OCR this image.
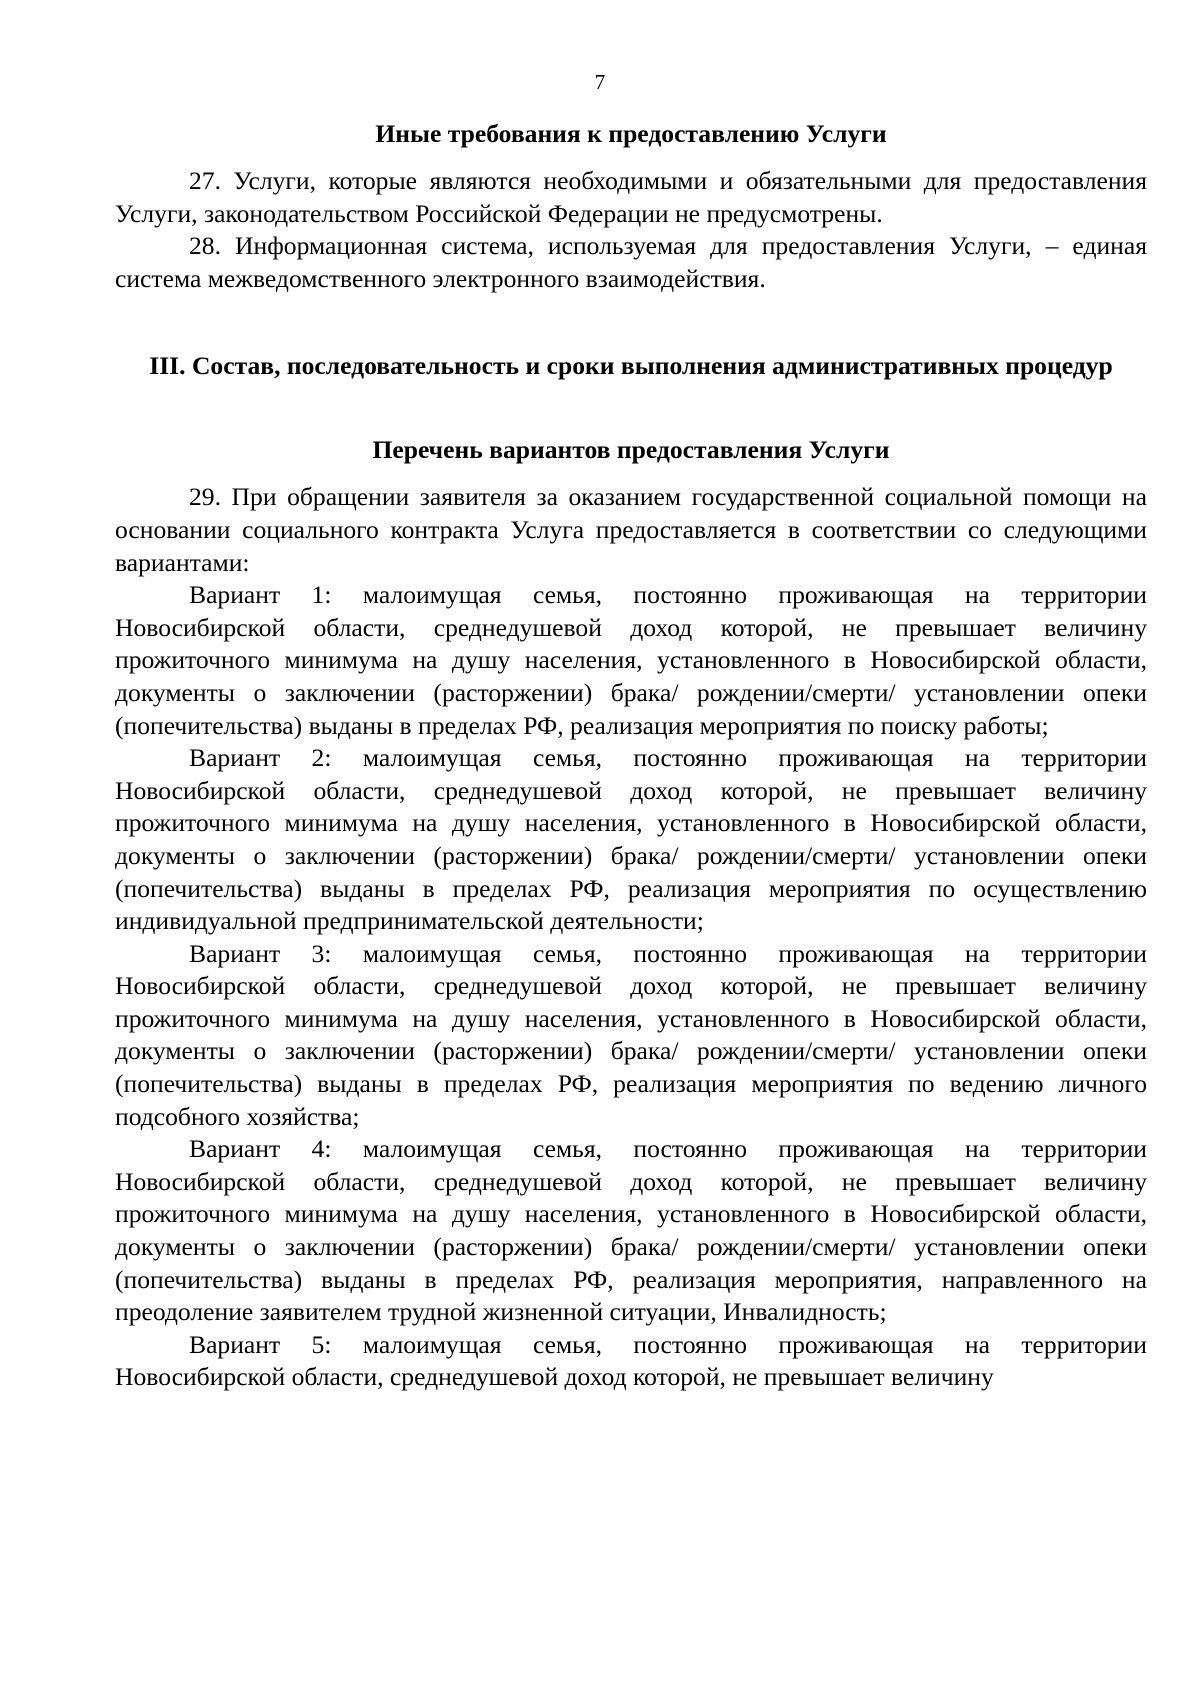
7
Иные требования к предоставлению Услуги

27. Услуги, которые являются необходимыми и обязательными для предоставления Услуги, законодательством Российской Федерации не предусмотрены.

28. Информационная система, используемая для предоставления Услуги, – единая система межведомственного электронного взаимодействия.

III. Состав, последовательность и сроки выполнения административных процедур
Перечень вариантов предоставления Услуги

29. При обращении заявителя за оказанием государственной социальной помощи на основании социального контракта Услуга предоставляется в соответствии со следующими вариантами:

Вариант 1: малоимущая семья, постоянно проживающая на территории Новосибирской области, среднедушевой доход которой, не превышает величину прожиточного минимума на душу населения, установленного в Новосибирской области, документы о заключении (расторжении) брака/ рождении/смерти/ установлении опеки (попечительства) выданы в пределах РФ, реализация мероприятия по поиску работы;

Вариант 2: малоимущая семья, постоянно проживающая на территории Новосибирской области, среднедушевой доход которой, не превышает величину прожиточного минимума на душу населения, установленного в Новосибирской области, документы о заключении (расторжении) брака/ рождении/смерти/ установлении опеки (попечительства) выданы в пределах РФ, реализация мероприятия по осуществлению индивидуальной предпринимательской деятельности;

Вариант 3: малоимущая семья, постоянно проживающая на территории Новосибирской области, среднедушевой доход которой, не превышает величину прожиточного минимума на душу населения, установленного в Новосибирской области, документы о заключении (расторжении) брака/ рождении/смерти/ установлении опеки (попечительства) выданы в пределах РФ, реализация мероприятия по ведению личного подсобного хозяйства;

Вариант 4: малоимущая семья, постоянно проживающая на территории Новосибирской области, среднедушевой доход которой, не превышает величину прожиточного минимума на душу населения, установленного в Новосибирской области, документы о заключении (расторжении) брака/ рождении/смерти/ установлении опеки (попечительства) выданы в пределах РФ, реализация мероприятия, направленного на преодоление заявителем трудной жизненной ситуации, Инвалидность;

Вариант 5: малоимущая семья, постоянно проживающая на территории Новосибирской области, среднедушевой доход которой, не превышает величину
